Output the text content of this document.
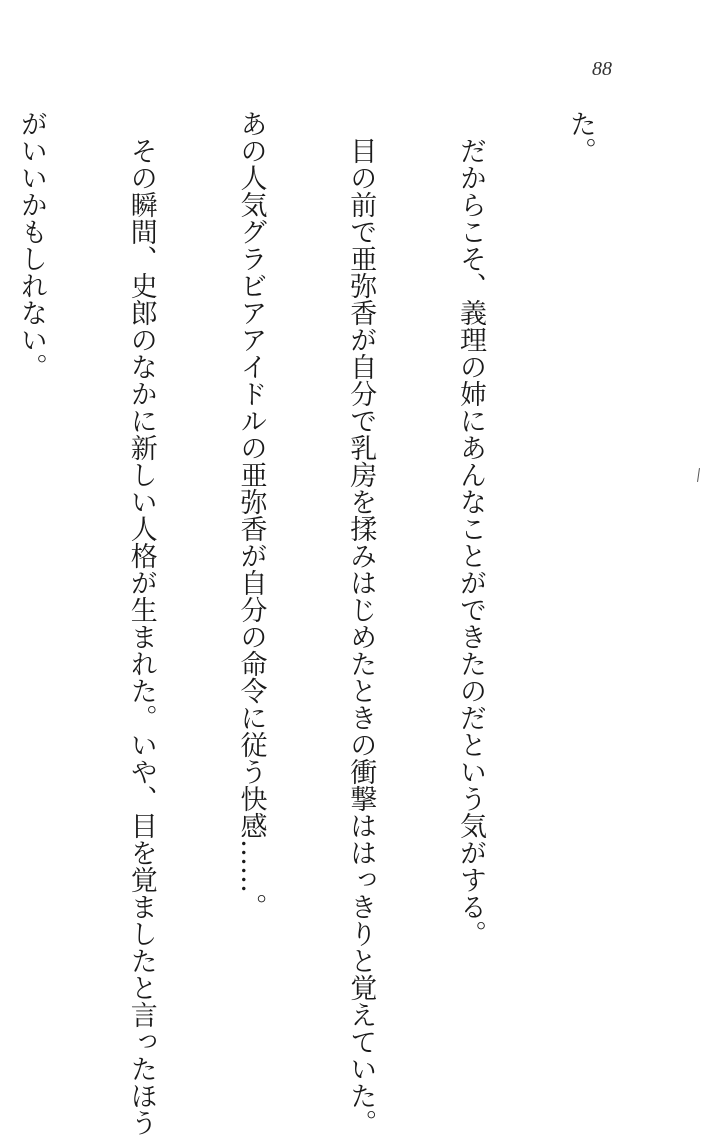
88

た。

だからこそ、義理の姉にあんなことができたのだという気がする。

目の前で亜弥香が自分で乳房を揉みはじめたときの衝撃ははっきりと覚えていた。

あの人気グラビアアイドルの亜弥香が自分の命令に従う快感……。

その瞬間、史郎のなかに新しい人格が生まれた。いや、目を覚ましたと言ったほう

がいいかもしれない。
